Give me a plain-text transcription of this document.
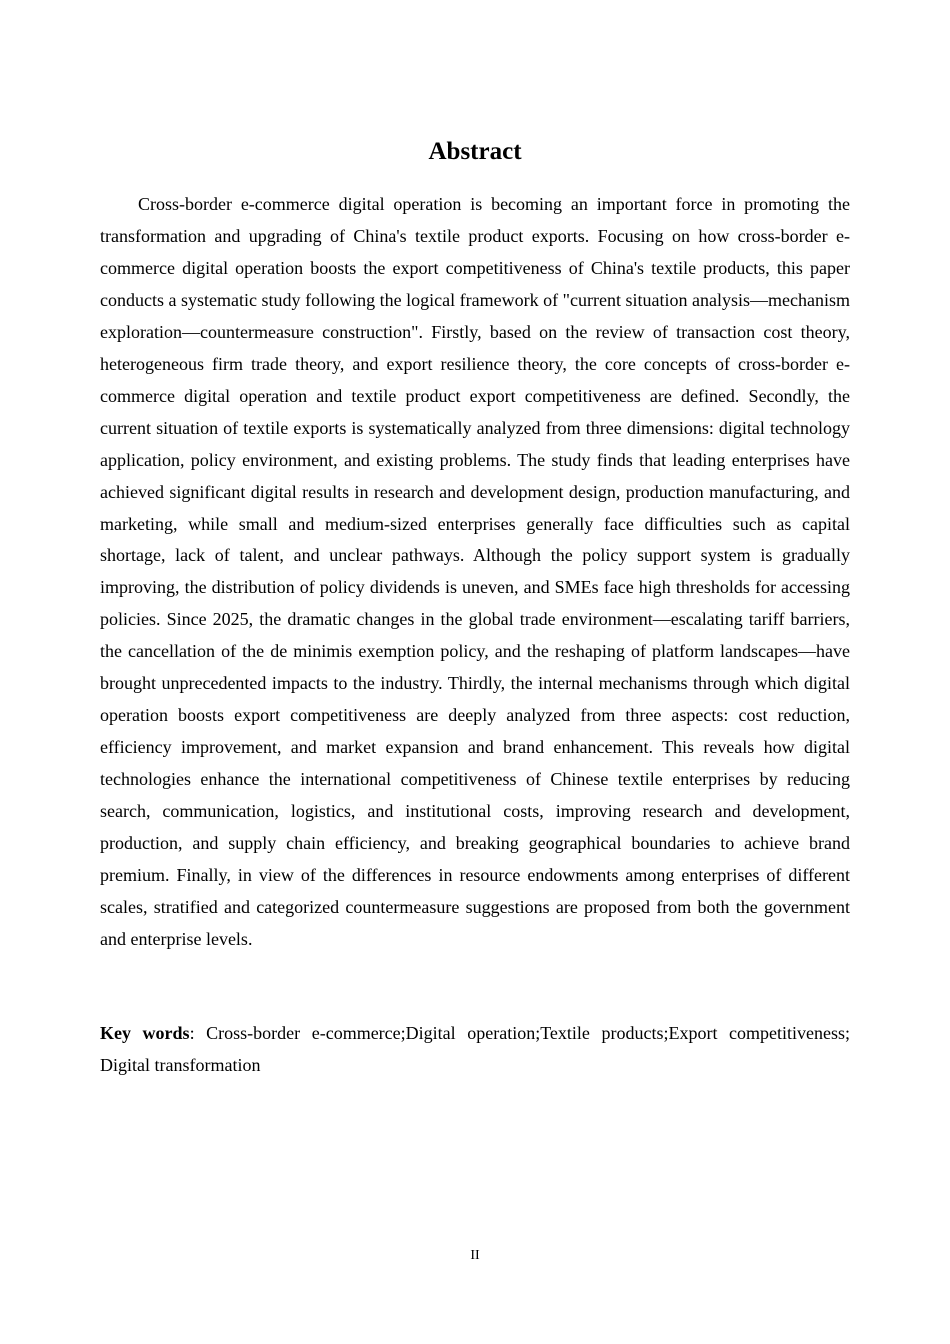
Abstract

Cross-border e-commerce digital operation is becoming an important force in promoting the transformation and upgrading of China's textile product exports. Focusing on how cross-border e-commerce digital operation boosts the export competitiveness of China's textile products, this paper conducts a systematic study following the logical framework of "current situation analysis—mechanism exploration—countermeasure construction". Firstly, based on the review of transaction cost theory, heterogeneous firm trade theory, and export resilience theory, the core concepts of cross-border e-commerce digital operation and textile product export competitiveness are defined. Secondly, the current situation of textile exports is systematically analyzed from three dimensions: digital technology application, policy environment, and existing problems. The study finds that leading enterprises have achieved significant digital results in research and development design, production manufacturing, and marketing, while small and medium-sized enterprises generally face difficulties such as capital shortage, lack of talent, and unclear pathways. Although the policy support system is gradually improving, the distribution of policy dividends is uneven, and SMEs face high thresholds for accessing policies. Since 2025, the dramatic changes in the global trade environment—escalating tariff barriers, the cancellation of the de minimis exemption policy, and the reshaping of platform landscapes—have brought unprecedented impacts to the industry. Thirdly, the internal mechanisms through which digital operation boosts export competitiveness are deeply analyzed from three aspects: cost reduction, efficiency improvement, and market expansion and brand enhancement. This reveals how digital technologies enhance the international competitiveness of Chinese textile enterprises by reducing search, communication, logistics, and institutional costs, improving research and development, production, and supply chain efficiency, and breaking geographical boundaries to achieve brand premium. Finally, in view of the differences in resource endowments among enterprises of different scales, stratified and categorized countermeasure suggestions are proposed from both the government and enterprise levels.

Key words: Cross-border e-commerce;Digital operation;Textile products;Export competitiveness; Digital transformation

II
